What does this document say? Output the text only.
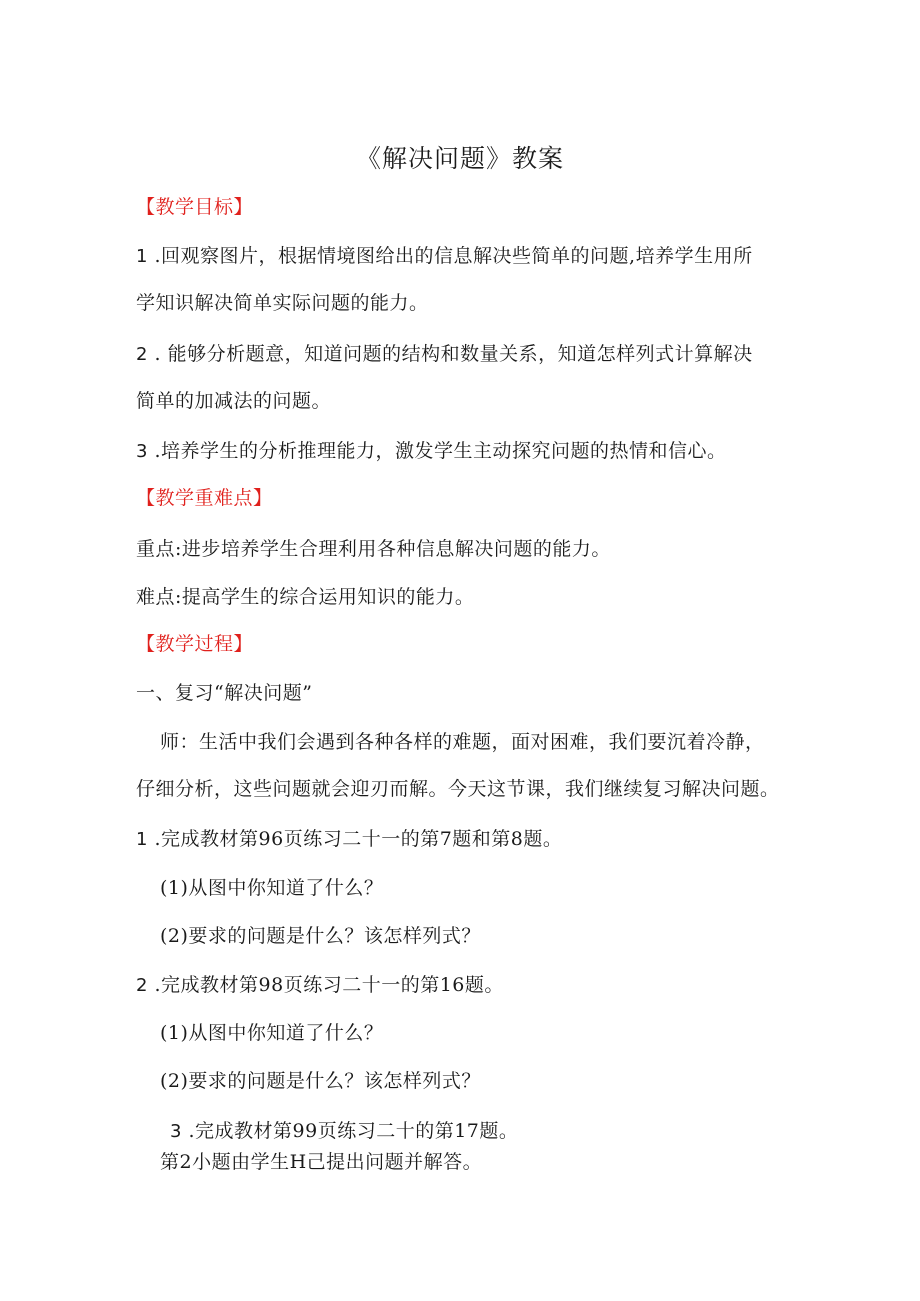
《解决问题》教案
【教学目标】
1 .回观察图片，根据情境图给出的信息解决些简单的问题,培养学生用所
学知识解决简单实际问题的能力。
2 . 能够分析题意，知道问题的结构和数量关系，知道怎样列式计算解决
简单的加减法的问题。
3 .培养学生的分析推理能力，激发学生主动探究问题的热情和信心。
【教学重难点】
重点:进步培养学生合理利用各种信息解决问题的能力。
难点:提高学生的综合运用知识的能力。
【教学过程】
一、复习“解决问题”
师：生活中我们会遇到各种各样的难题，面对困难，我们要沉着冷静，
仔细分析，这些问题就会迎刃而解。今天这节课，我们继续复习解决问题。
1 .完成教材第96页练习二十一的第7题和第8题。
(1)从图中你知道了什么？
(2)要求的问题是什么？该怎样列式？
2 .完成教材第98页练习二十一的第16题。
(1)从图中你知道了什么？
(2)要求的问题是什么？该怎样列式？
3 .完成教材第99页练习二十的第17题。
第2小题由学生H己提出问题并解答。
